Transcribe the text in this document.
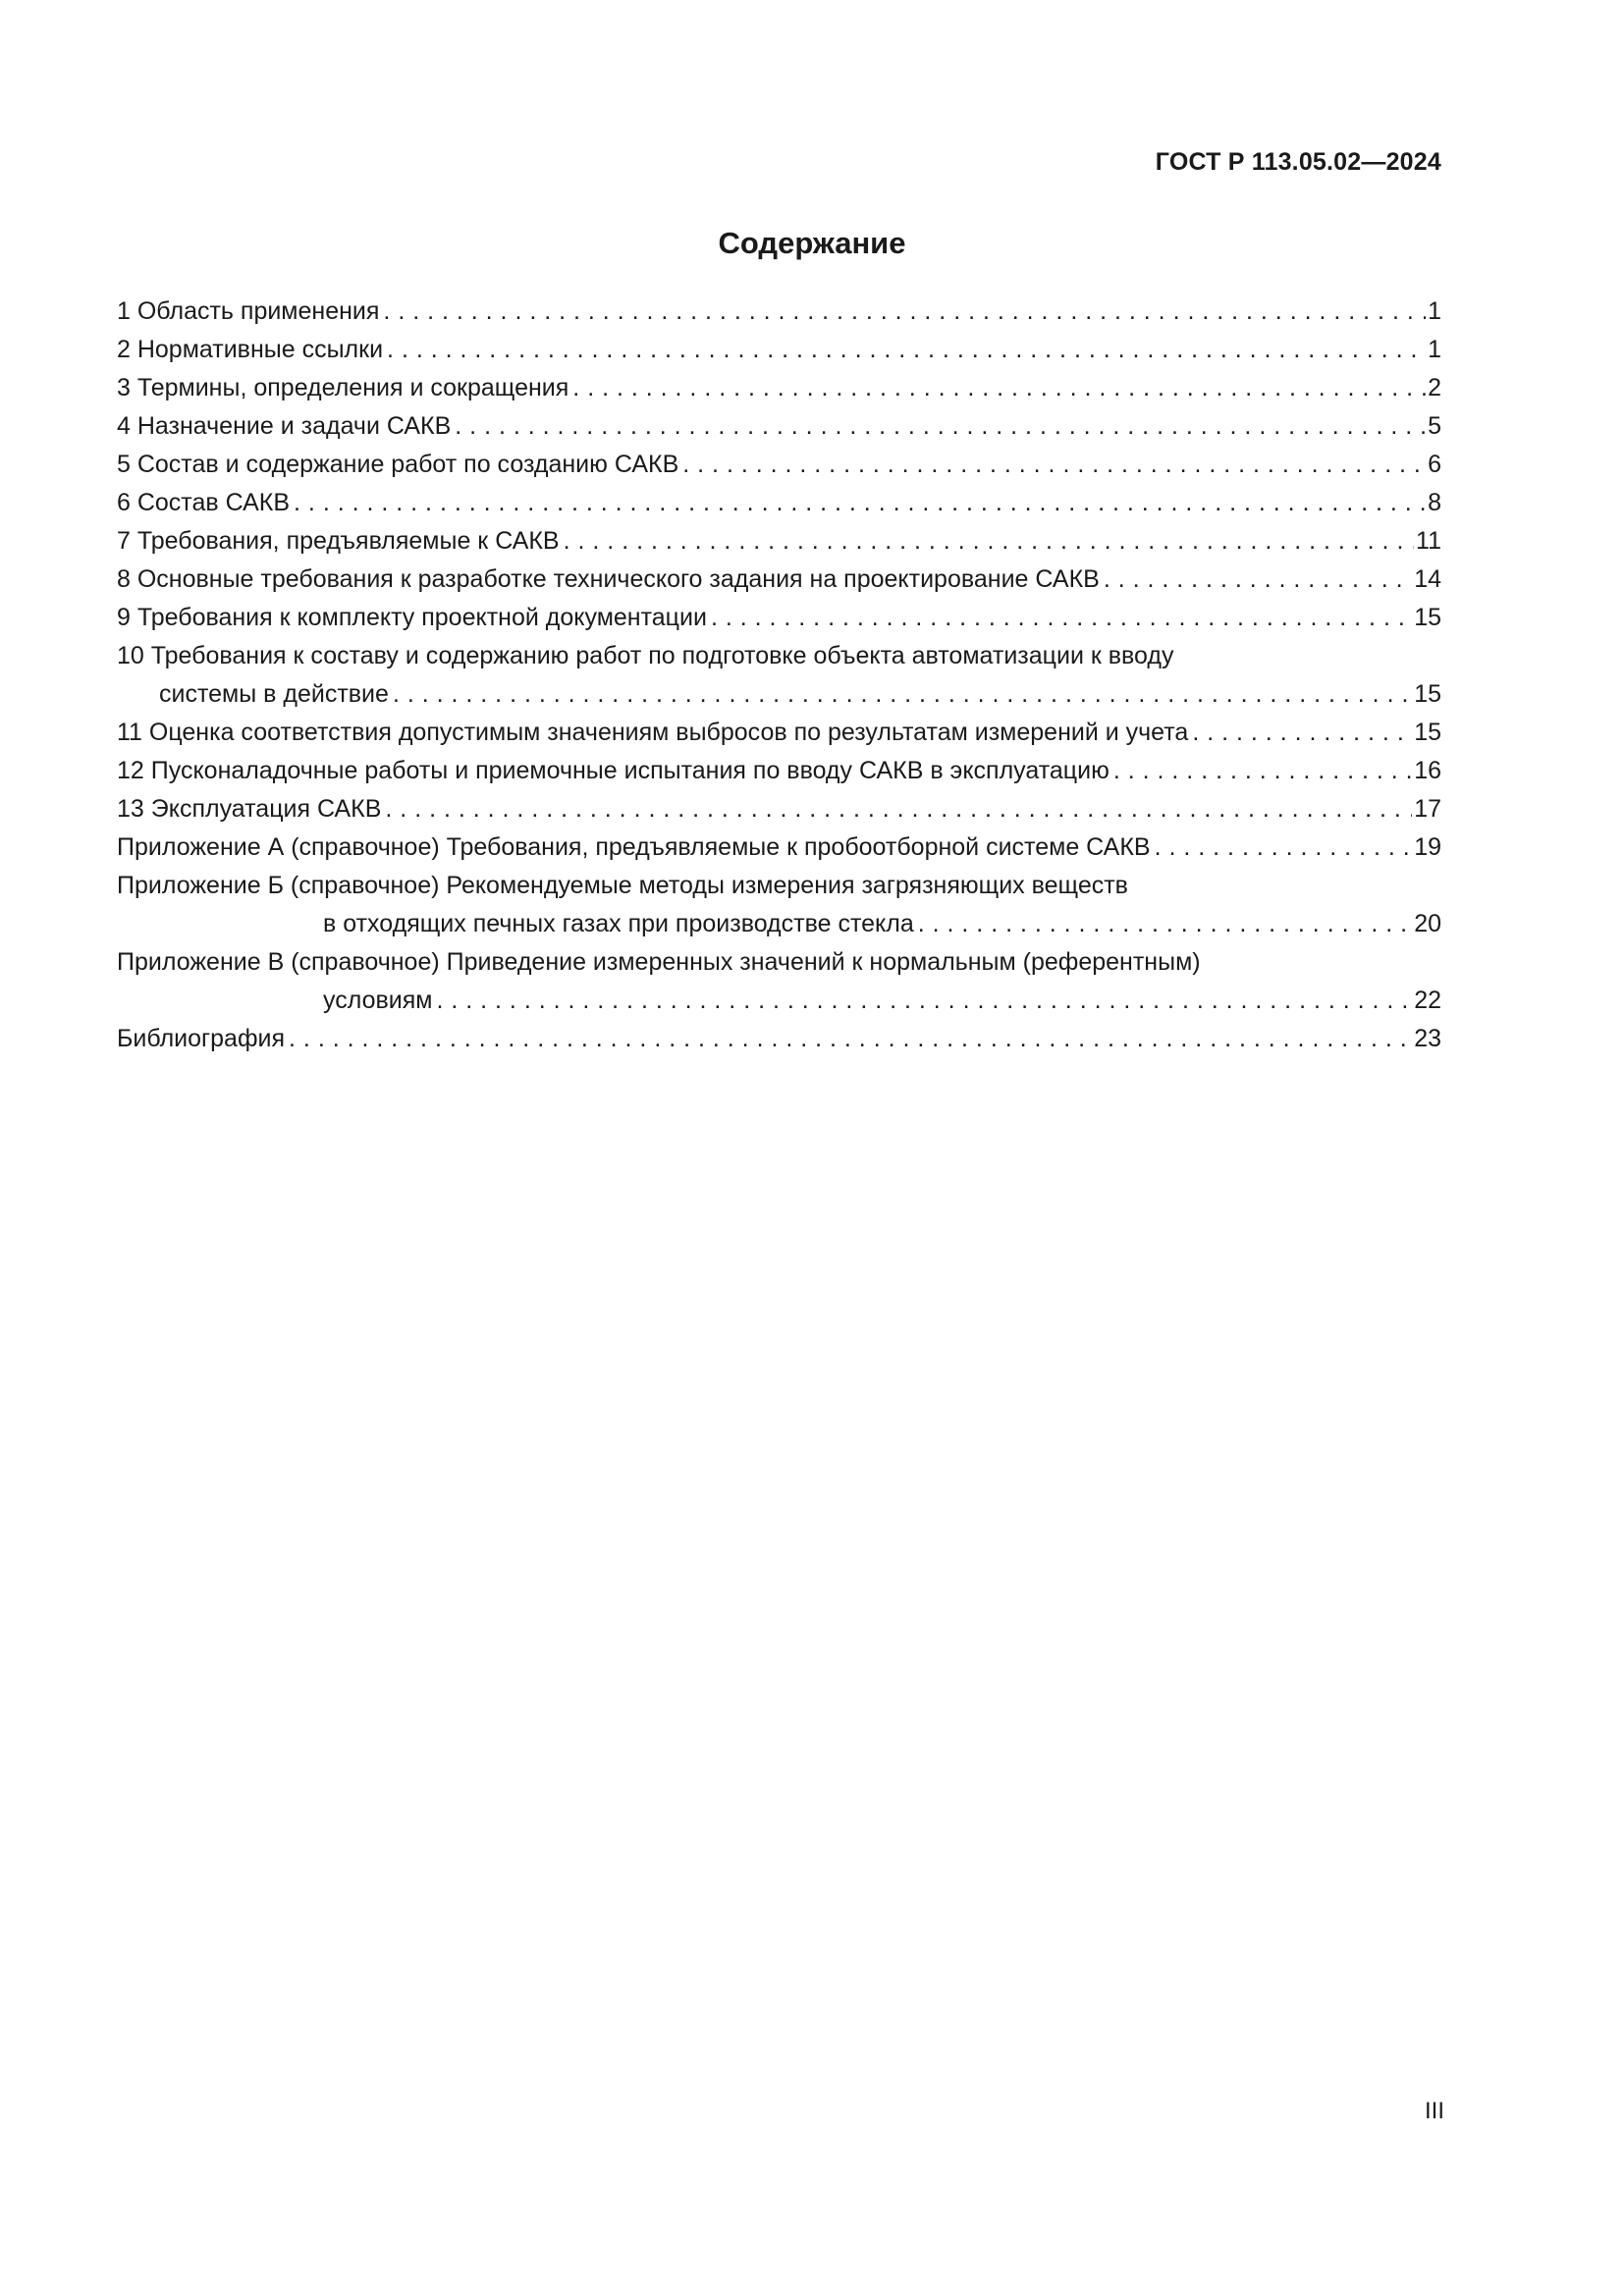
ГОСТ Р 113.05.02—2024
Содержание
1 Область применения . . .	1
2 Нормативные ссылки . . .	1
3 Термины, определения и сокращения . . .	2
4 Назначение и задачи САКВ . . .	5
5 Состав и содержание работ по созданию САКВ . . .	6
6 Состав САКВ . . .	8
7 Требования, предъявляемые к САКВ . . .	11
8 Основные требования к разработке технического задания на проектирование САКВ . . .	14
9 Требования к комплекту проектной документации . . .	15
10 Требования к составу и содержанию работ по подготовке объекта автоматизации к вводу
системы в действие . . .	15
11 Оценка соответствия допустимым значениям выбросов по результатам измерений и учета . . .	15
12 Пусконаладочные работы и приемочные испытания по вводу САКВ в эксплуатацию . . .	16
13 Эксплуатация САКВ . . .	17
Приложение А (справочное) Требования, предъявляемые к пробоотборной системе САКВ . . .	19
Приложение Б (справочное) Рекомендуемые методы измерения загрязняющих веществ
в отходящих печных газах при производстве стекла . . .	20
Приложение В (справочное) Приведение измеренных значений к нормальным (референтным)
условиям . . .	22
Библиография . . .	23
III
